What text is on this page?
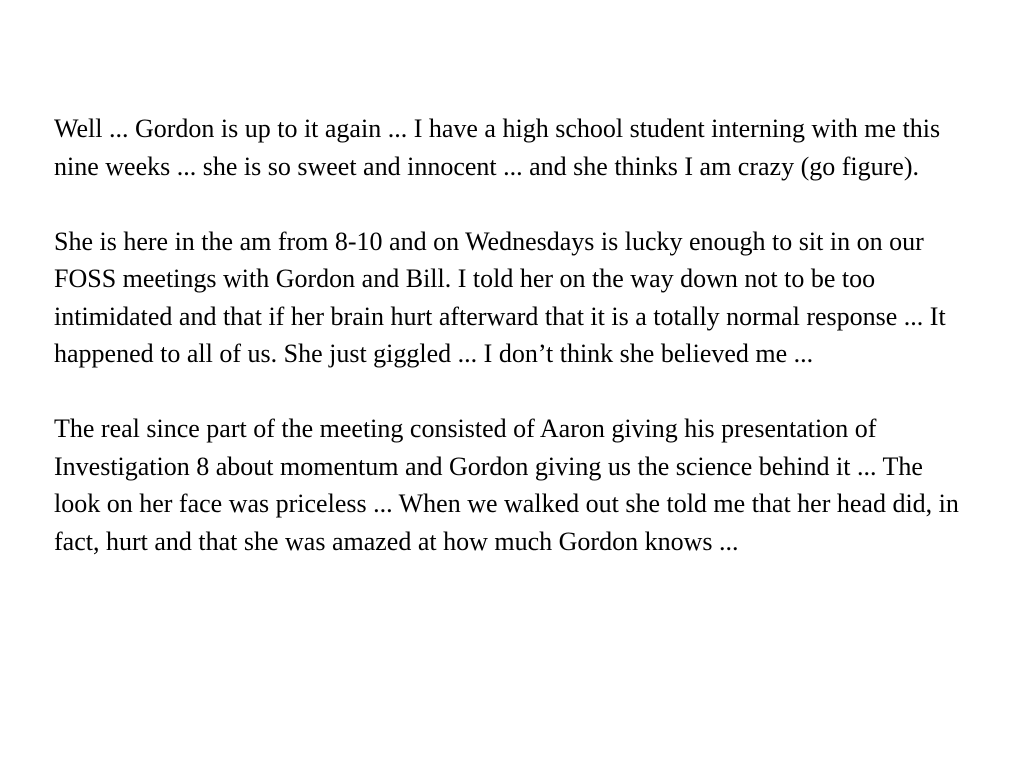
Well ... Gordon is up to it again ... I have a high school student interning with me this nine weeks ... she is so sweet and innocent ... and she thinks I am crazy (go figure).

She is here in the am from 8-10 and on Wednesdays is lucky enough to sit in on our FOSS meetings with Gordon and Bill. I told her on the way down not to be too intimidated and that if her brain hurt afterward that it is a totally normal response ... It happened to all of us. She just giggled ... I don’t think she believed me ...

The real since part of the meeting consisted of Aaron giving his presentation of Investigation 8 about momentum and Gordon giving us the science behind it ... The look on her face was priceless ... When we walked out she told me that her head did, in fact, hurt and that she was amazed at how much Gordon knows ...
